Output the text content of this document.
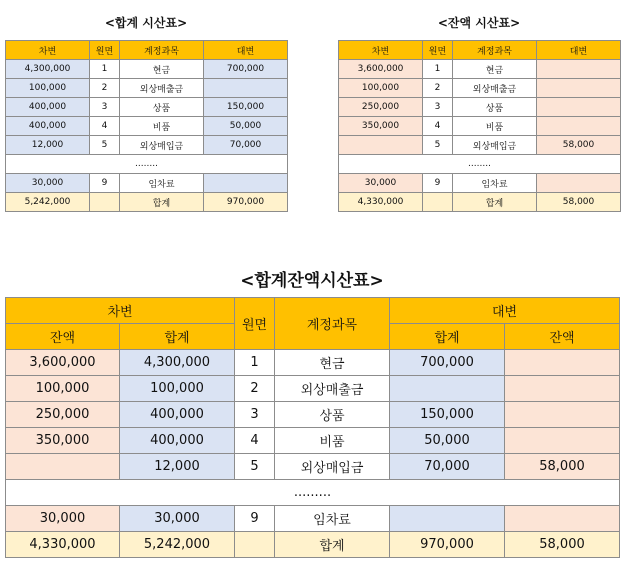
<합계 시산표>
차변	원면	계정과목	대변
4,300,000	1	현금	700,000
100,000	2	외상매출금	
400,000	3	상품	150,000
400,000	4	비품	50,000
12,000	5	외상매입금	70,000
........			
30,000	9	임차료	
5,242,000		합계	970,000
<잔액 시산표>
차변	원면	계정과목	대변
3,600,000	1	현금	
100,000	2	외상매출금	
250,000	3	상품	
350,000	4	비품	
	5	외상매입금	58,000
........			
30,000	9	임차료	
4,330,000		합계	58,000
<합계잔액시산표>
차변		원면	계정과목	대변	
잔액	합계			합계	잔액
3,600,000	4,300,000	1	현금	700,000	
100,000	100,000	2	외상매출금		
250,000	400,000	3	상품	150,000	
350,000	400,000	4	비품	50,000	
	12,000	5	외상매입금	70,000	58,000
.........					
30,000	30,000	9	임차료		
4,330,000	5,242,000		합계	970,000	58,000
